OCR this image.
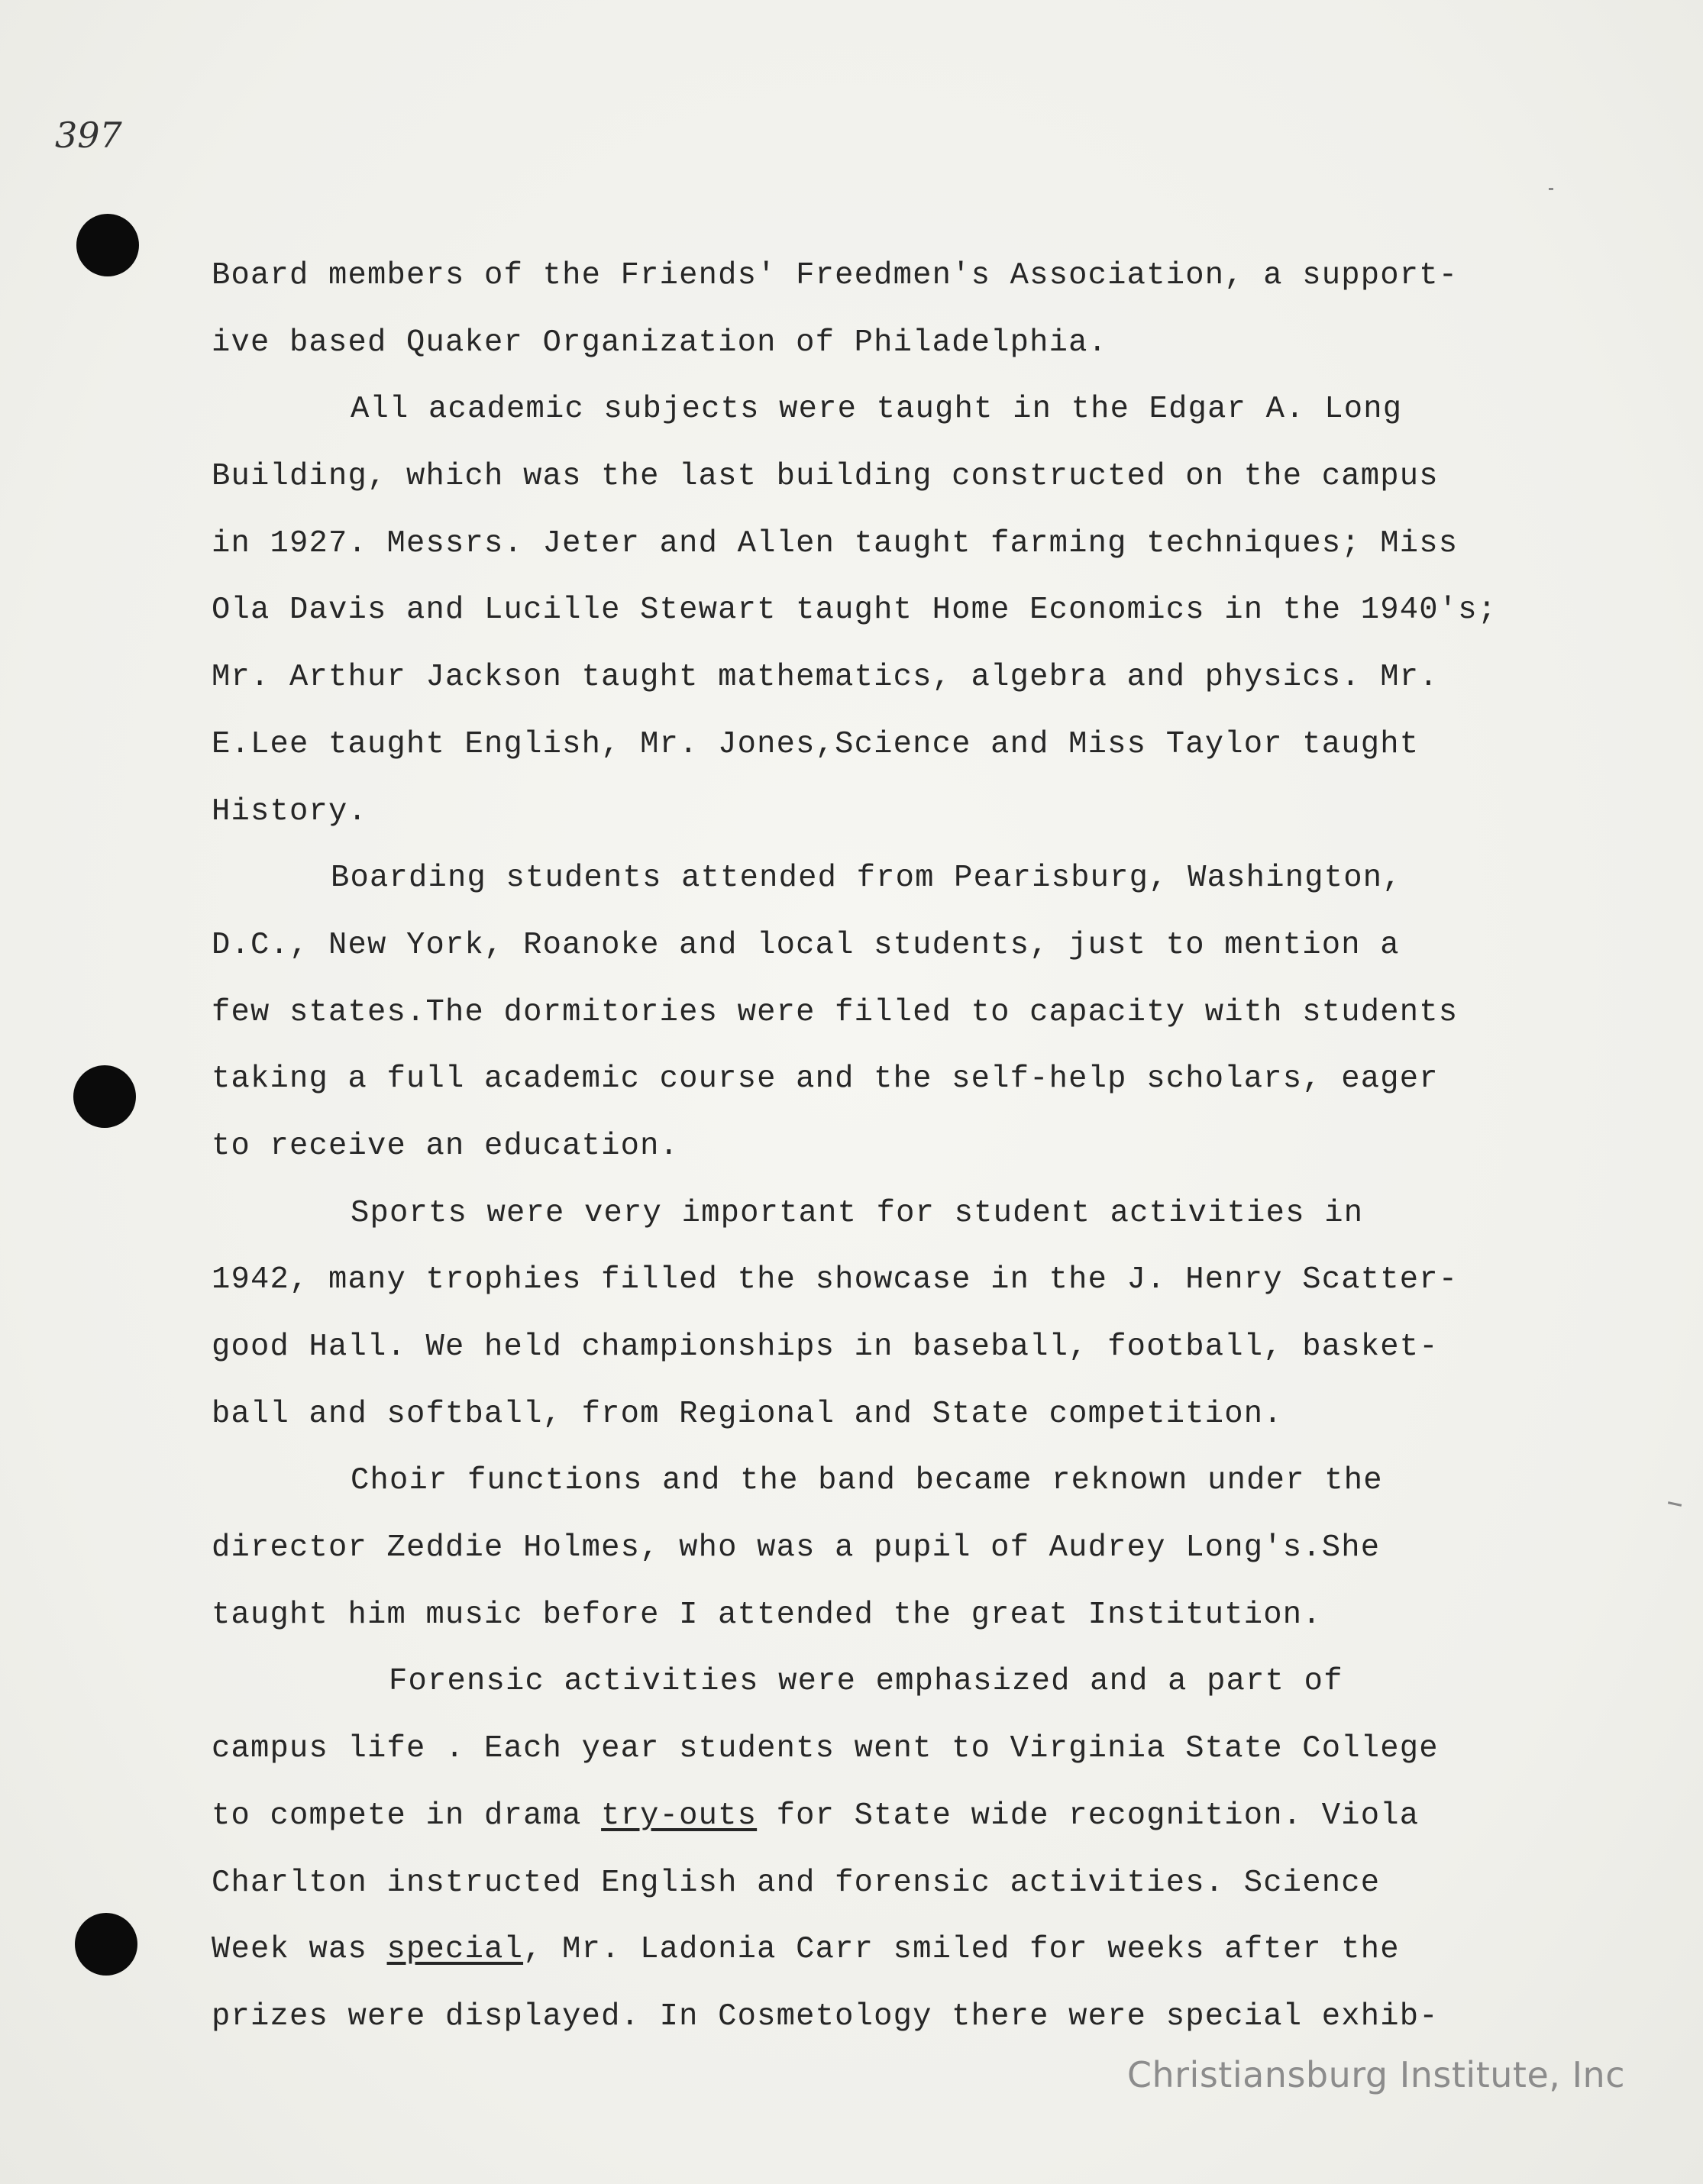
397
Board members of the Friends' Freedmen's Association, a support-
ive based Quaker Organization of Philadelphia.
All academic subjects were taught in the Edgar A. Long
Building, which was the last building constructed on the campus
in 1927. Messrs. Jeter and Allen taught farming techniques; Miss
Ola Davis and Lucille Stewart taught Home Economics in the 1940's;
Mr. Arthur Jackson taught mathematics, algebra and physics. Mr.
E.Lee taught English, Mr. Jones,Science and Miss Taylor taught
History.
Boarding students attended from Pearisburg, Washington,
D.C., New York, Roanoke and local students, just to mention a
few states.The dormitories were filled to capacity with students
taking a full academic course and the self-help scholars, eager
to receive an education.
Sports were very important for student activities in
1942, many trophies filled the showcase in the J. Henry Scatter-
good Hall. We held championships in baseball, football, basket-
ball and softball, from Regional and State competition.
Choir functions and the band became reknown under the
director Zeddie Holmes, who was a pupil of Audrey Long's.She
taught him music before I attended the great Institution.
Forensic activities were emphasized and a part of
campus life . Each year students went to Virginia State College
to compete in drama try-outs for State wide recognition. Viola
Charlton instructed English and forensic activities. Science
Week was special, Mr. Ladonia Carr smiled for weeks after the
prizes were displayed. In Cosmetology there were special exhib-
Christiansburg Institute, Inc
